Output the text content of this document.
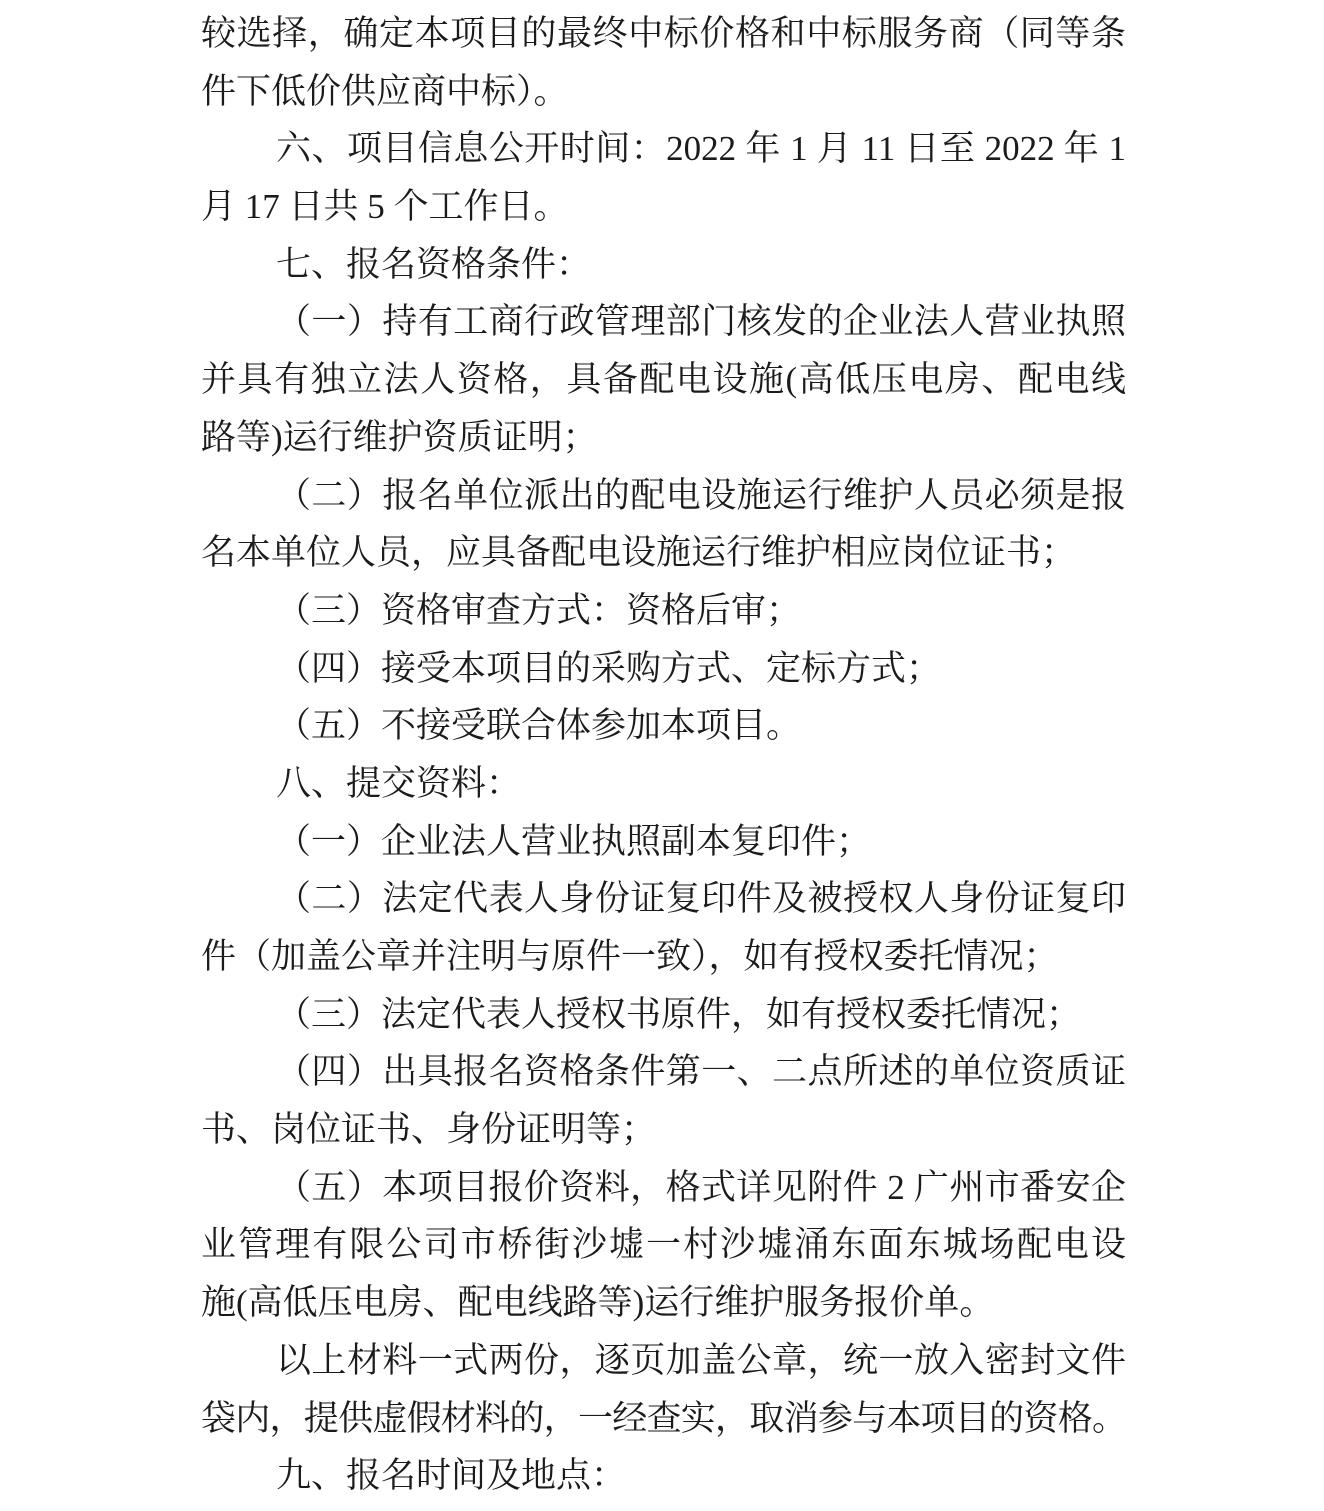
较选择，确定本项目的最终中标价格和中标服务商（同等条
件下低价供应商中标）。
六、项目信息公开时间：2022 年 1 月 11 日至 2022 年 1
月 17 日共 5 个工作日。
七、报名资格条件：
（一）持有工商行政管理部门核发的企业法人营业执照
并具有独立法人资格，具备配电设施(高低压电房、配电线
路等)运行维护资质证明；
（二）报名单位派出的配电设施运行维护人员必须是报
名本单位人员，应具备配电设施运行维护相应岗位证书；
（三）资格审查方式：资格后审；
（四）接受本项目的采购方式、定标方式；
（五）不接受联合体参加本项目。
八、提交资料：
（一）企业法人营业执照副本复印件；
（二）法定代表人身份证复印件及被授权人身份证复印
件（加盖公章并注明与原件一致），如有授权委托情况；
（三）法定代表人授权书原件，如有授权委托情况；
（四）出具报名资格条件第一、二点所述的单位资质证
书、岗位证书、身份证明等；
（五）本项目报价资料，格式详见附件 2 广州市番安企
业管理有限公司市桥街沙墟一村沙墟涌东面东城场配电设
施(高低压电房、配电线路等)运行维护服务报价单。
以上材料一式两份，逐页加盖公章，统一放入密封文件
袋内，提供虚假材料的，一经查实，取消参与本项目的资格。
九、报名时间及地点：
